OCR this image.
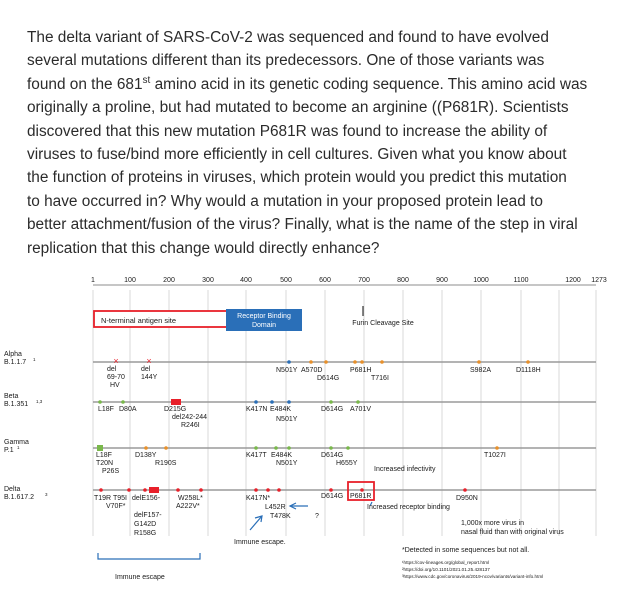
The delta variant of SARS-CoV-2 was sequenced and found to have evolved
several mutations different than its predecessors. One of those variants was
found on the 681st amino acid in its genetic coding sequence. This amino acid was
originally a proline, but had mutated to become an arginine ((P681R). Scientists
discovered that this new mutation P681R was found to increase the ability of
viruses to fuse/bind more efficiently in cell cultures. Given what you know about
the function of proteins in viruses, which protein would you predict this mutation
to have occurred in? Why would a mutation in your proposed protein lead to
better attachment/fusion of the virus? Finally, what is the name of the step in viral
replication that this change would directly enhance?
1	100	200	300	400	500	600	700	800	900	1000	1100	1200 1273
N-terminal antigen site	Receptor Binding
Domain	Furin Cleavage Site
Alpha
B.1.1.7 1
Beta
B.1.351 1,3
Gamma
P.1 1
Delta
B.1.617.2 3
×	×
del
69-70
HV
del
144Y
N501Y A570D
D614G
P681H
T716I
S982A	D1118H
L18F D80A	D215G
del242-244
R246I
K417N E484K
N501Y
D614G A701V
L18F
T20N
P26S
D138Y
R190S
K417T E484K
N501Y
D614G
H655Y
T1027I
Increased infectivity
T19R T95I delE156-
V70F*	A222V*
W258L*
delF157-
G142D
R158G
K417N*
L452R
T478K
D614G P681R	D950N
?
Increased receptor binding
Immune escape.
Immune escape
1,000x more virus in
nasal fluid than with original virus
*Detected in some sequences but not all.
¹https://cov-lineages.org/global_report.html
²https://doi.org/10.1101/2021.01.25.428137
³https://www.cdc.gov/coronavirus/2019-ncov/variants/variant-info.html
